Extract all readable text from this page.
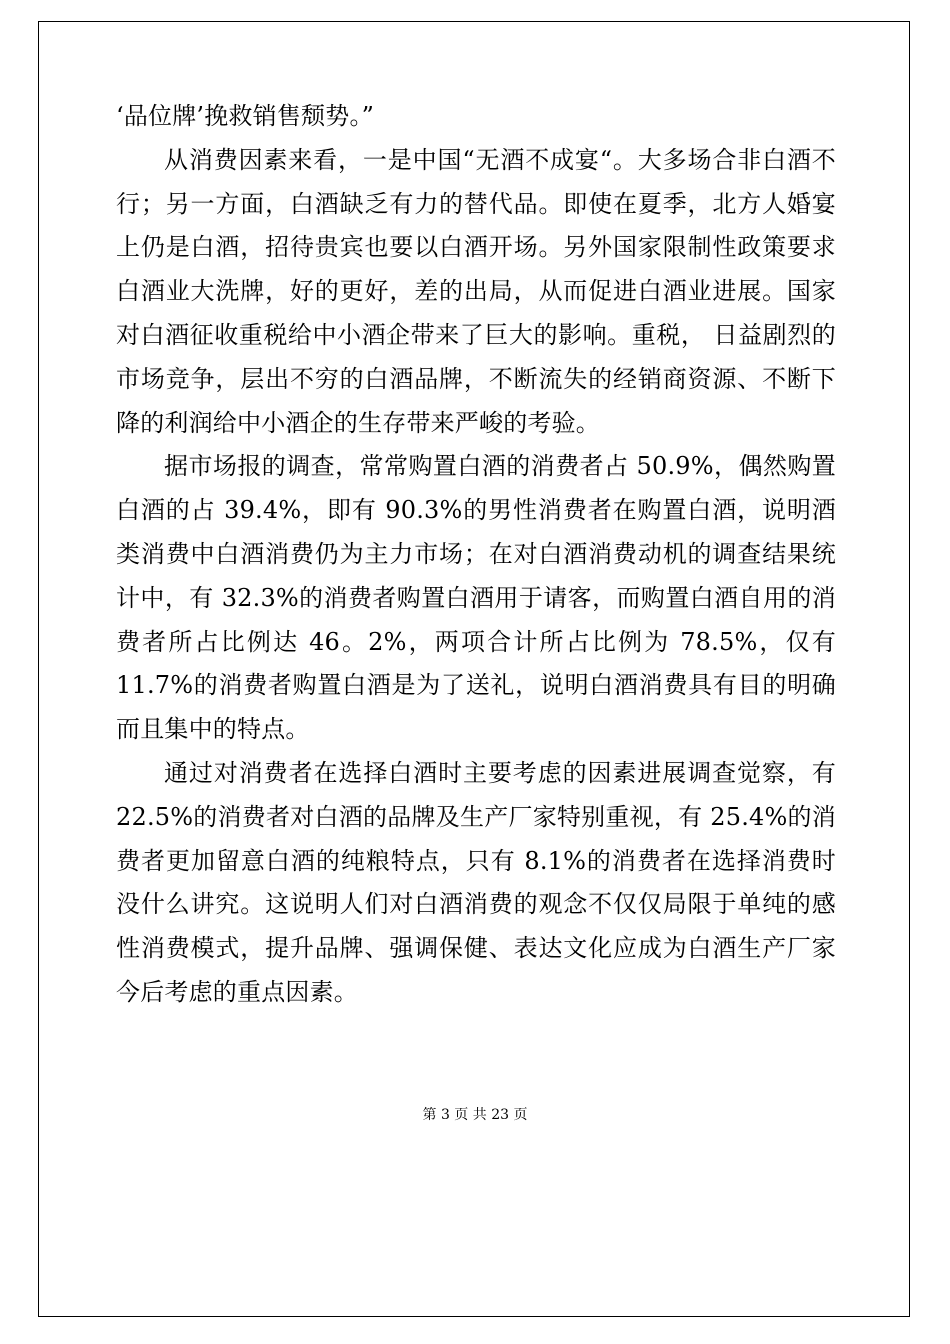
‘品位牌’挽救销售颓势。”

从消费因素来看，一是中国“无酒不成宴“。大多场合非白酒不行；另一方面，白酒缺乏有力的替代品。即使在夏季，北方人婚宴上仍是白酒，招待贵宾也要以白酒开场。另外国家限制性政策要求白酒业大洗牌，好的更好，差的出局，从而促进白酒业进展。国家对白酒征收重税给中小酒企带来了巨大的影响。重税， 日益剧烈的市场竞争，层出不穷的白酒品牌，不断流失的经销商资源、不断下降的利润给中小酒企的生存带来严峻的考验。

据市场报的调查，常常购置白酒的消费者占 50.9%，偶然购置白酒的占 39.4%，即有 90.3%的男性消费者在购置白酒，说明酒类消费中白酒消费仍为主力市场；在对白酒消费动机的调查结果统计中，有 32.3%的消费者购置白酒用于请客，而购置白酒自用的消费者所占比例达 46。2%，两项合计所占比例为 78.5%，仅有 11.7%的消费者购置白酒是为了送礼，说明白酒消费具有目的明确 而且集中的特点。

通过对消费者在选择白酒时主要考虑的因素进展调查觉察，有 22.5%的消费者对白酒的品牌及生产厂家特别重视，有 25.4%的消费者更加留意白酒的纯粮特点，只有 8.1%的消费者在选择消费时没什么讲究。这说明人们对白酒消费的观念不仅仅局限于单纯的感性消费模式，提升品牌、强调保健、表达文化应成为白酒生产厂家今后考虑的重点因素。

第 3 页 共 23 页
